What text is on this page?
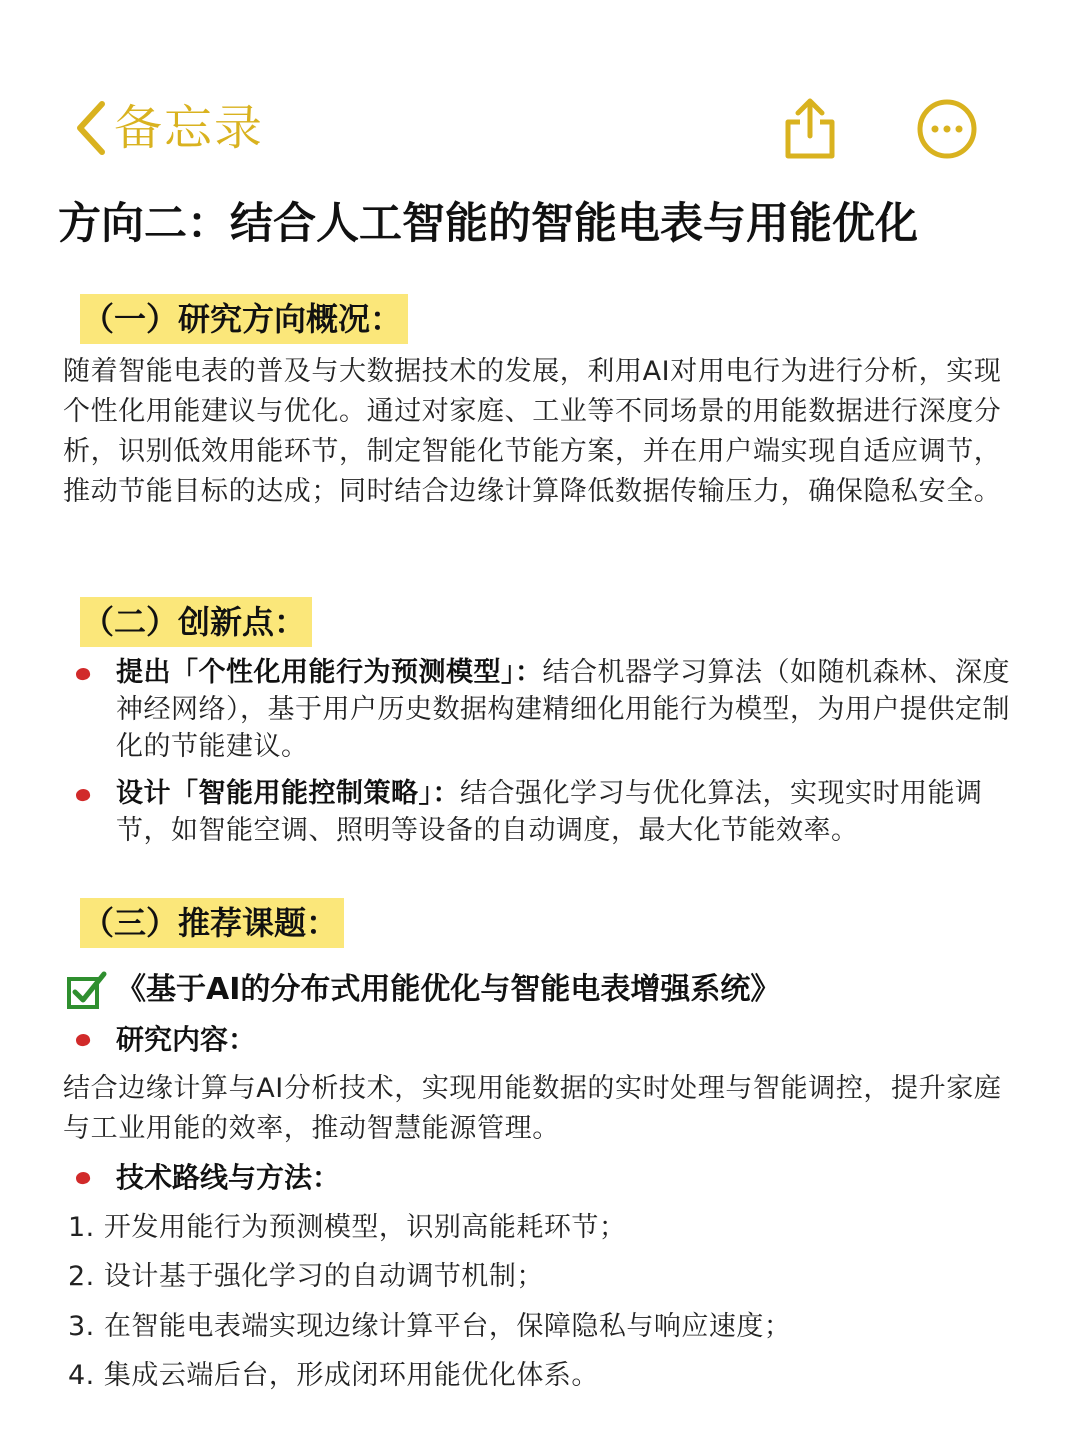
备忘录
方向二：结合人工智能的智能电表与用能优化
（一）研究方向概况：
随着智能电表的普及与大数据技术的发展，利用AI对用电行为进行分析，实现个性化用能建议与优化。通过对家庭、工业等不同场景的用能数据进行深度分析，识别低效用能环节，制定智能化节能方案，并在用户端实现自适应调节，推动节能目标的达成；同时结合边缘计算降低数据传输压力，确保隐私安全。
（二）创新点：
提出「个性化用能行为预测模型」：结合机器学习算法（如随机森林、深度神经网络），基于用户历史数据构建精细化用能行为模型，为用户提供定制化的节能建议。
设计「智能用能控制策略」：结合强化学习与优化算法，实现实时用能调节，如智能空调、照明等设备的自动调度，最大化节能效率。
（三）推荐课题：
《基于AI的分布式用能优化与智能电表增强系统》
研究内容：
结合边缘计算与AI分析技术，实现用能数据的实时处理与智能调控，提升家庭与工业用能的效率，推动智慧能源管理。
技术路线与方法：
1. 开发用能行为预测模型，识别高能耗环节；
2. 设计基于强化学习的自动调节机制；
3. 在智能电表端实现边缘计算平台，保障隐私与响应速度；
4. 集成云端后台，形成闭环用能优化体系。
